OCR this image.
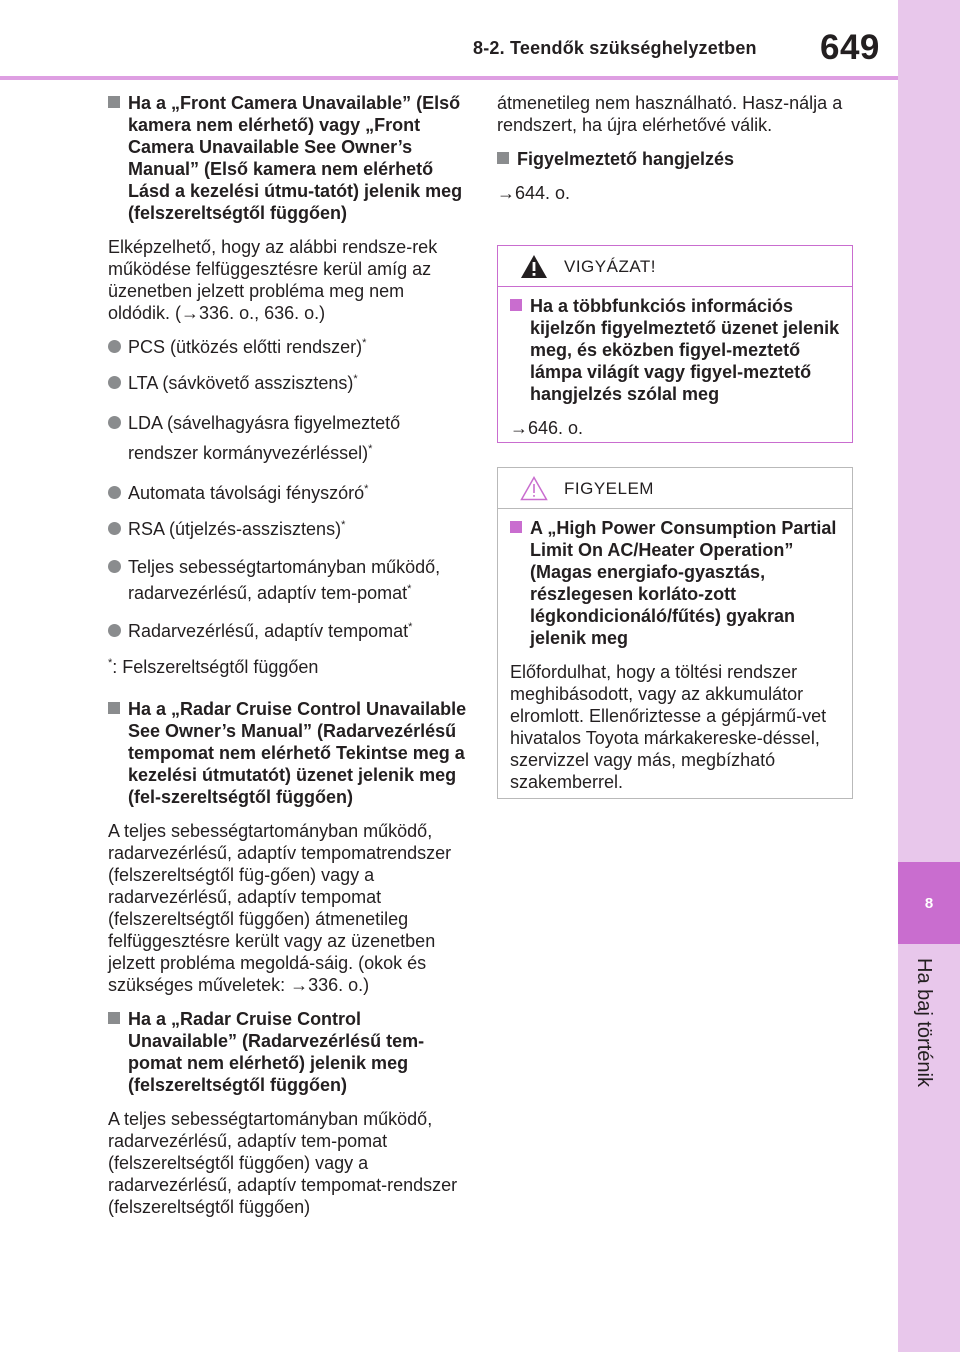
8-2. Teendők szükséghelyzetben 649
8
Ha baj történik
Ha a „Front Camera Unavailable” (Első kamera nem elérhető) vagy „Front Camera Unavailable See Owner’s Manual” (Első kamera nem elérhető Lásd a kezelési útmu-tatót) jelenik meg (felszereltségtől függően)
Elképzelhető, hogy az alábbi rendsze-rek működése felfüggesztésre kerül amíg az üzenetben jelzett probléma meg nem oldódik. (→336. o., 636. o.)
PCS (ütközés előtti rendszer)*
LTA (sávkövető asszisztens)*
LDA (sávelhagyásra figyelmeztető rendszer kormányvezérléssel)*
Automata távolsági fényszóró*
RSA (útjelzés-asszisztens)*
Teljes sebességtartományban működő, radarvezérlésű, adaptív tem-pomat*
Radarvezérlésű, adaptív tempomat*
*: Felszereltségtől függően
Ha a „Radar Cruise Control Unavailable See Owner’s Manual” (Radarvezérlésű tempomat nem elérhető Tekintse meg a kezelési útmutatót) üzenet jelenik meg (fel-szereltségtől függően)
A teljes sebességtartományban működő, radarvezérlésű, adaptív tempomatrendszer (felszereltségtől füg-gően) vagy a radarvezérlésű, adaptív tempomat (felszereltségtől függően) átmenetileg felfüggesztésre került vagy az üzenetben jelzett probléma megoldá-sáig. (okok és szükséges műveletek: →336. o.)
Ha a „Radar Cruise Control Unavailable” (Radarvezérlésű tem-pomat nem elérhető) jelenik meg (felszereltségtől függően)
A teljes sebességtartományban működő, radarvezérlésű, adaptív tem-pomat (felszereltségtől függően) vagy a radarvezérlésű, adaptív tempomat-rendszer (felszereltségtől függően)
átmenetileg nem használható. Hasz-nálja a rendszert, ha újra elérhetővé válik.
Figyelmeztető hangjelzés
→644. o.
VIGYÁZAT!
Ha a többfunkciós információs kijelzőn figyelmeztető üzenet jelenik meg, és eközben figyel-meztető lámpa világít vagy figyel-meztető hangjelzés szólal meg
→646. o.
FIGYELEM
A „High Power Consumption Partial Limit On AC/Heater Operation” (Magas energiafo-gyasztás, részlegesen korláto-zott légkondicionáló/fűtés) gyakran jelenik meg
Előfordulhat, hogy a töltési rendszer meghibásodott, vagy az akkumulátor elromlott. Ellenőriztesse a gépjármű-vet hivatalos Toyota márkakereske-déssel, szervizzel vagy más, megbízható szakemberrel.
